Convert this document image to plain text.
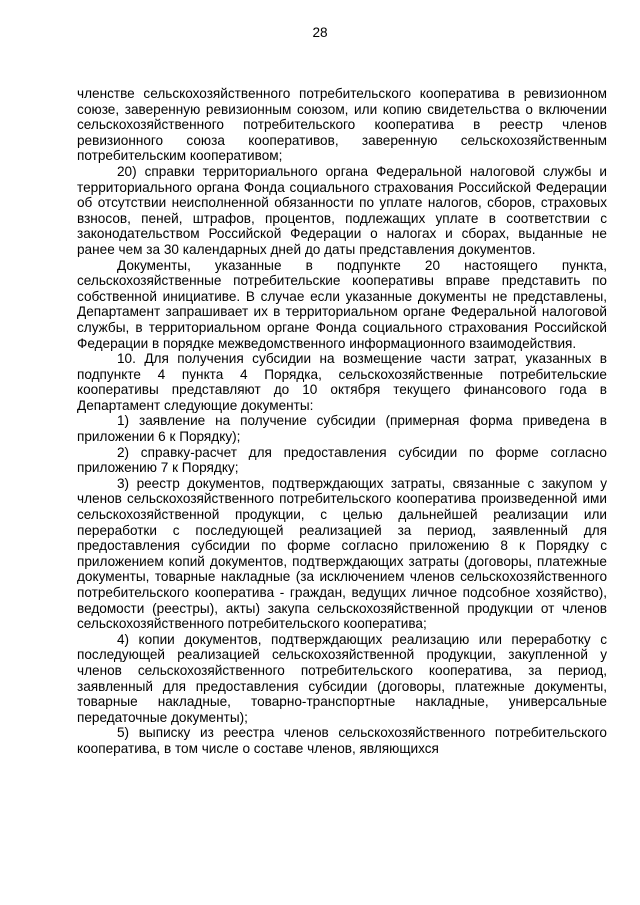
28

членстве сельскохозяйственного потребительского кооператива в ревизионном союзе, заверенную ревизионным союзом, или копию свидетельства о включении сельскохозяйственного потребительского кооператива в реестр членов ревизионного союза кооперативов, заверенную сельскохозяйственным потребительским кооперативом;

20) справки территориального органа Федеральной налоговой службы и территориального органа Фонда социального страхования Российской Федерации об отсутствии неисполненной обязанности по уплате налогов, сборов, страховых взносов, пеней, штрафов, процентов, подлежащих уплате в соответствии с законодательством Российской Федерации о налогах и сборах, выданные не ранее чем за 30 календарных дней до даты представления документов.

Документы, указанные в подпункте 20 настоящего пункта, сельскохозяйственные потребительские кооперативы вправе представить по собственной инициативе. В случае если указанные документы не представлены, Департамент запрашивает их в территориальном органе Федеральной налоговой службы, в территориальном органе Фонда социального страхования Российской Федерации в порядке межведомственного информационного взаимодействия.

10. Для получения субсидии на возмещение части затрат, указанных в подпункте 4 пункта 4 Порядка, сельскохозяйственные потребительские кооперативы представляют до 10 октября текущего финансового года в Департамент следующие документы:

1) заявление на получение субсидии (примерная форма приведена в приложении 6 к Порядку);

2) справку-расчет для предоставления субсидии по форме согласно приложению 7 к Порядку;

3) реестр документов, подтверждающих затраты, связанные с закупом у членов сельскохозяйственного потребительского кооператива произведенной ими сельскохозяйственной продукции, с целью дальнейшей реализации или переработки с последующей реализацией за период, заявленный для предоставления субсидии по форме согласно приложению 8 к Порядку с приложением копий документов, подтверждающих затраты (договоры, платежные документы, товарные накладные (за исключением членов сельскохозяйственного потребительского кооператива - граждан, ведущих личное подсобное хозяйство), ведомости (реестры), акты) закупа сельскохозяйственной продукции от членов сельскохозяйственного потребительского кооператива;

4) копии документов, подтверждающих реализацию или переработку с последующей реализацией сельскохозяйственной продукции, закупленной у членов сельскохозяйственного потребительского кооператива, за период, заявленный для предоставления субсидии (договоры, платежные документы, товарные накладные, товарно-транспортные накладные, универсальные передаточные документы);

5) выписку из реестра членов сельскохозяйственного потребительского кооператива, в том числе о составе членов, являющихся
